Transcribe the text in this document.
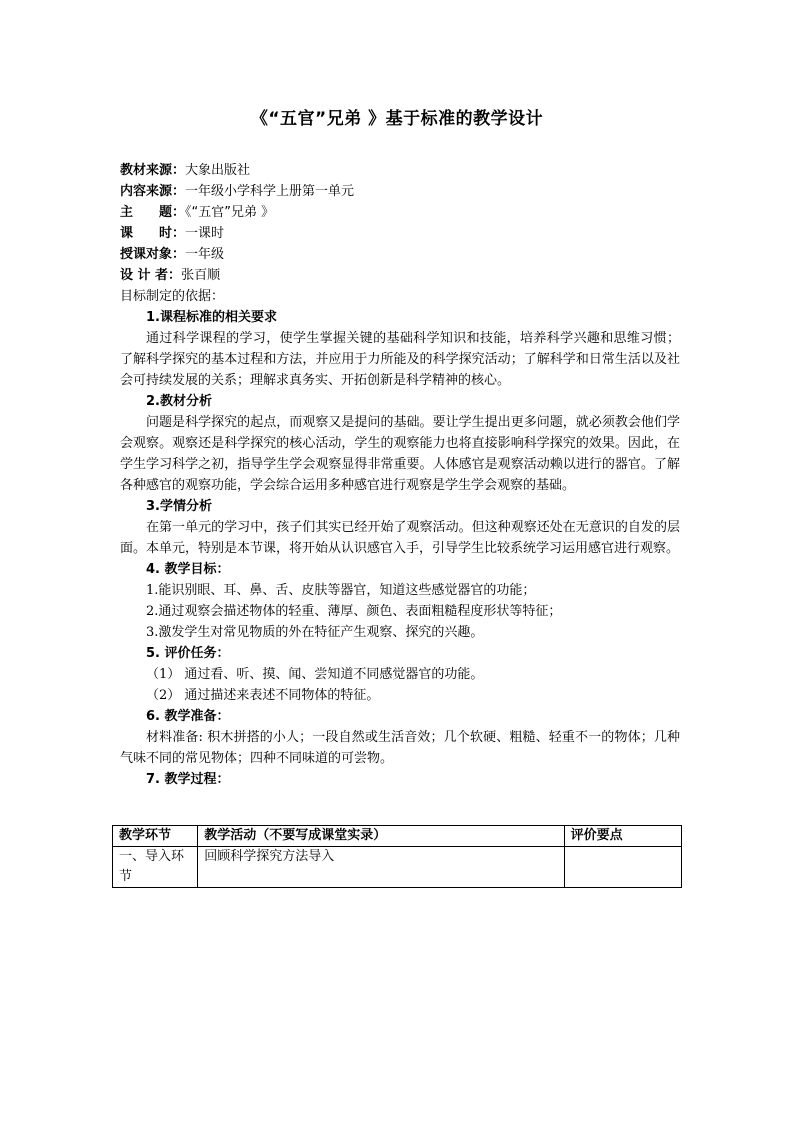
《“五官”兄弟 》基于标准的教学设计
教材来源：大象出版社
内容来源：一年级小学科学上册第一单元
主　　题：《“五官”兄弟 》
课　　时：一课时
授课对象：一年级
设 计 者：张百顺
目标制定的依据：
1.课程标准的相关要求
通过科学课程的学习，使学生掌握关键的基础科学知识和技能，培养科学兴趣和思维习惯； 了解科学探究的基本过程和方法，并应用于力所能及的科学探究活动；了解科学和日常生活以及社 会可持续发展的关系；理解求真务实、开拓创新是科学精神的核心。
2.教材分析
问题是科学探究的起点，而观察又是提问的基础。要让学生提出更多问题，就必须教会他们学会观察。观察还是科学探究的核心活动，学生的观察能力也将直接影响科学探究的效果。因此，在学生学习科学之初，指导学生学会观察显得非常重要。人体感官是观察活动赖以进行的器官。了解各种感官的观察功能，学会综合运用多种感官进行观察是学生学会观察的基础。
3.学情分析
在第一单元的学习中，孩子们其实已经开始了观察活动。但这种观察还处在无意识的自发的层面。本单元，特别是本节课，将开始从认识感官入手，引导学生比较系统学习运用感官进行观察。
4. 教学目标：
1.能识别眼、耳、鼻、舌、皮肤等器官，知道这些感觉器官的功能；
2.通过观察会描述物体的轻重、薄厚、颜色、表面粗糙程度形状等特征；
3.激发学生对常见物质的外在特征产生观察、探究的兴趣。
5. 评价任务：
（1） 通过看、听、摸、闻、尝知道不同感觉器官的功能。
（2） 通过描述来表述不同物体的特征。
6. 教学准备：
材料准备: 积木拼搭的小人；一段自然或生活音效；几个软硬、粗糙、轻重不一的物体；几种气味不同的常见物体；四种不同味道的可尝物。
7. 教学过程：
教学环节	教学活动（不要写成课堂实录）	评价要点
一、导入环节	回顾科学探究方法导入	
